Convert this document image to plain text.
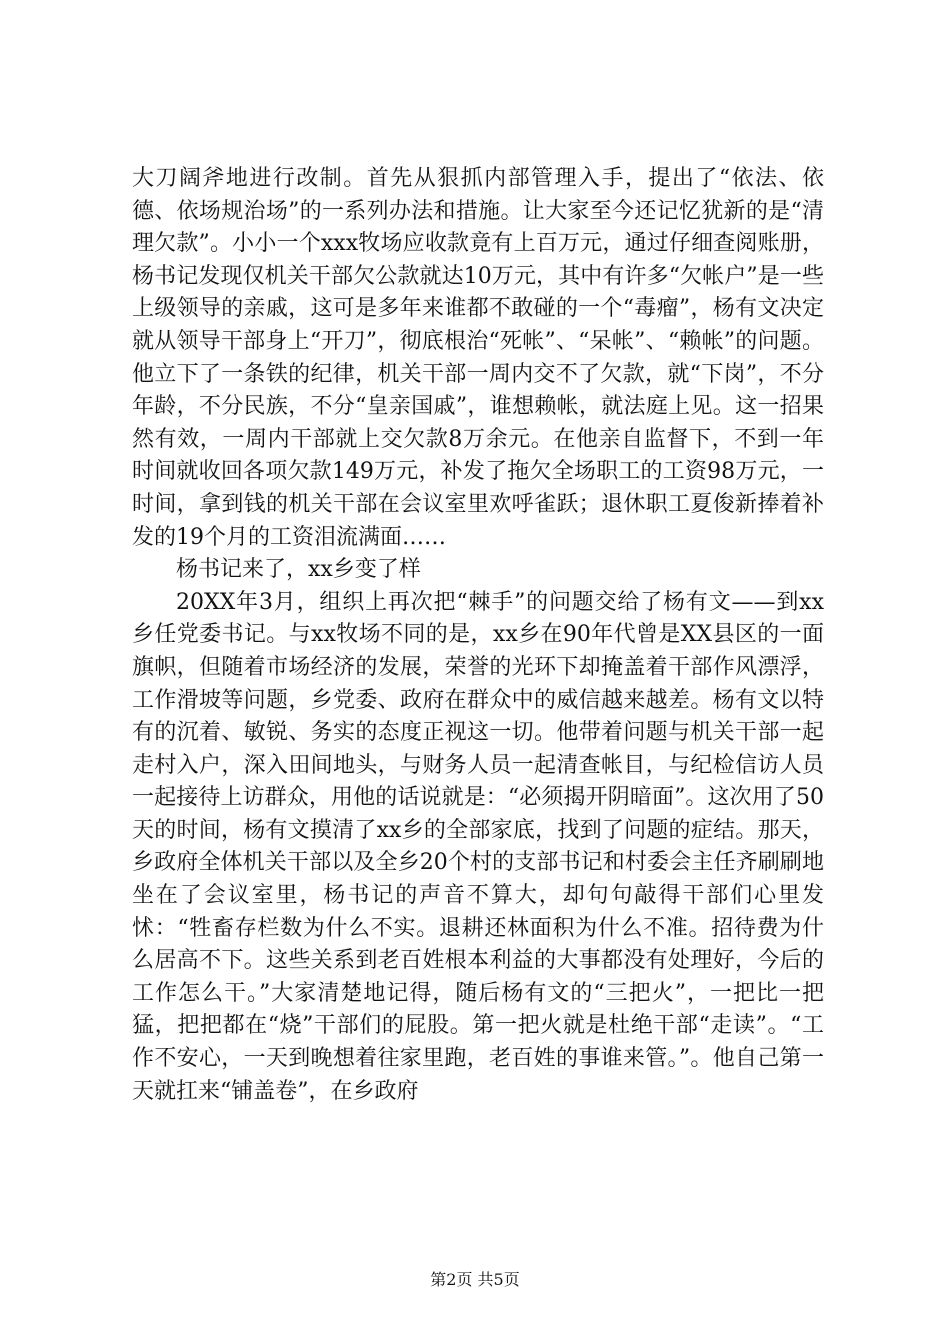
大刀阔斧地进行改制。首先从狠抓内部管理入手，提出了“依法、依德、依场规治场”的一系列办法和措施。让大家至今还记忆犹新的是“清理欠款”。小小一个xxx牧场应收款竟有上百万元，通过仔细查阅账册，杨书记发现仅机关干部欠公款就达10万元，其中有许多“欠帐户”是一些上级领导的亲戚，这可是多年来谁都不敢碰的一个“毒瘤”，杨有文决定就从领导干部身上“开刀”，彻底根治“死帐”、“呆帐”、“赖帐”的问题。他立下了一条铁的纪律，机关干部一周内交不了欠款，就“下岗”，不分年龄，不分民族，不分“皇亲国戚”，谁想赖帐，就法庭上见。这一招果然有效，一周内干部就上交欠款8万余元。在他亲自监督下，不到一年时间就收回各项欠款149万元，补发了拖欠全场职工的工资98万元，一时间，拿到钱的机关干部在会议室里欢呼雀跃；退休职工夏俊新捧着补发的19个月的工资泪流满面……

杨书记来了，xx乡变了样

20XX年3月，组织上再次把“棘手”的问题交给了杨有文——到xx乡任党委书记。与xx牧场不同的是，xx乡在90年代曾是XX县区的一面旗帜，但随着市场经济的发展，荣誉的光环下却掩盖着干部作风漂浮，工作滑坡等问题，乡党委、政府在群众中的威信越来越差。杨有文以特有的沉着、敏锐、务实的态度正视这一切。他带着问题与机关干部一起走村入户，深入田间地头，与财务人员一起清查帐目，与纪检信访人员一起接待上访群众，用他的话说就是：“必须揭开阴暗面”。这次用了50天的时间，杨有文摸清了xx乡的全部家底，找到了问题的症结。那天，乡政府全体机关干部以及全乡20个村的支部书记和村委会主任齐刷刷地坐在了会议室里，杨书记的声音不算大，却句句敲得干部们心里发怵：“牲畜存栏数为什么不实。退耕还林面积为什么不准。招待费为什么居高不下。这些关系到老百姓根本利益的大事都没有处理好，今后的工作怎么干。”大家清楚地记得，随后杨有文的“三把火”，一把比一把猛，把把都在“烧”干部们的屁股。第一把火就是杜绝干部“走读”。“工作不安心，一天到晚想着往家里跑，老百姓的事谁来管。”。他自己第一天就扛来“铺盖卷”，在乡政府

第2页 共5页
